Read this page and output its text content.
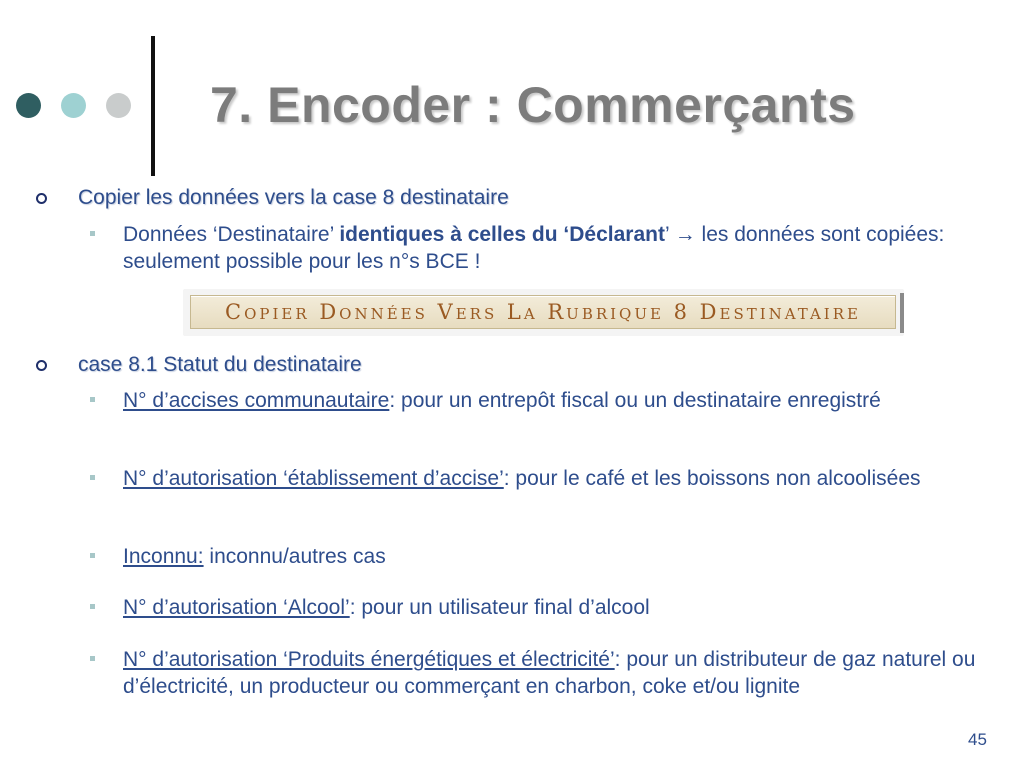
7. Encoder : Commerçants
Copier les données vers la case 8 destinataire
Données ‘Destinataire’ identiques à celles du ‘Déclarant’ → les données sont copiées: seulement possible pour les n°s BCE !
Copier Données Vers La Rubrique 8 Destinataire
case 8.1 Statut du destinataire
N° d’accises communautaire: pour un entrepôt fiscal ou un destinataire enregistré
N° d’autorisation ‘établissement d’accise’: pour le café et les boissons non alcoolisées
Inconnu: inconnu/autres cas
N° d’autorisation ‘Alcool’: pour un utilisateur final d’alcool
N° d’autorisation ‘Produits énergétiques et électricité’: pour un distributeur de gaz naturel ou d’électricité, un producteur ou commerçant en charbon, coke et/ou lignite
45
